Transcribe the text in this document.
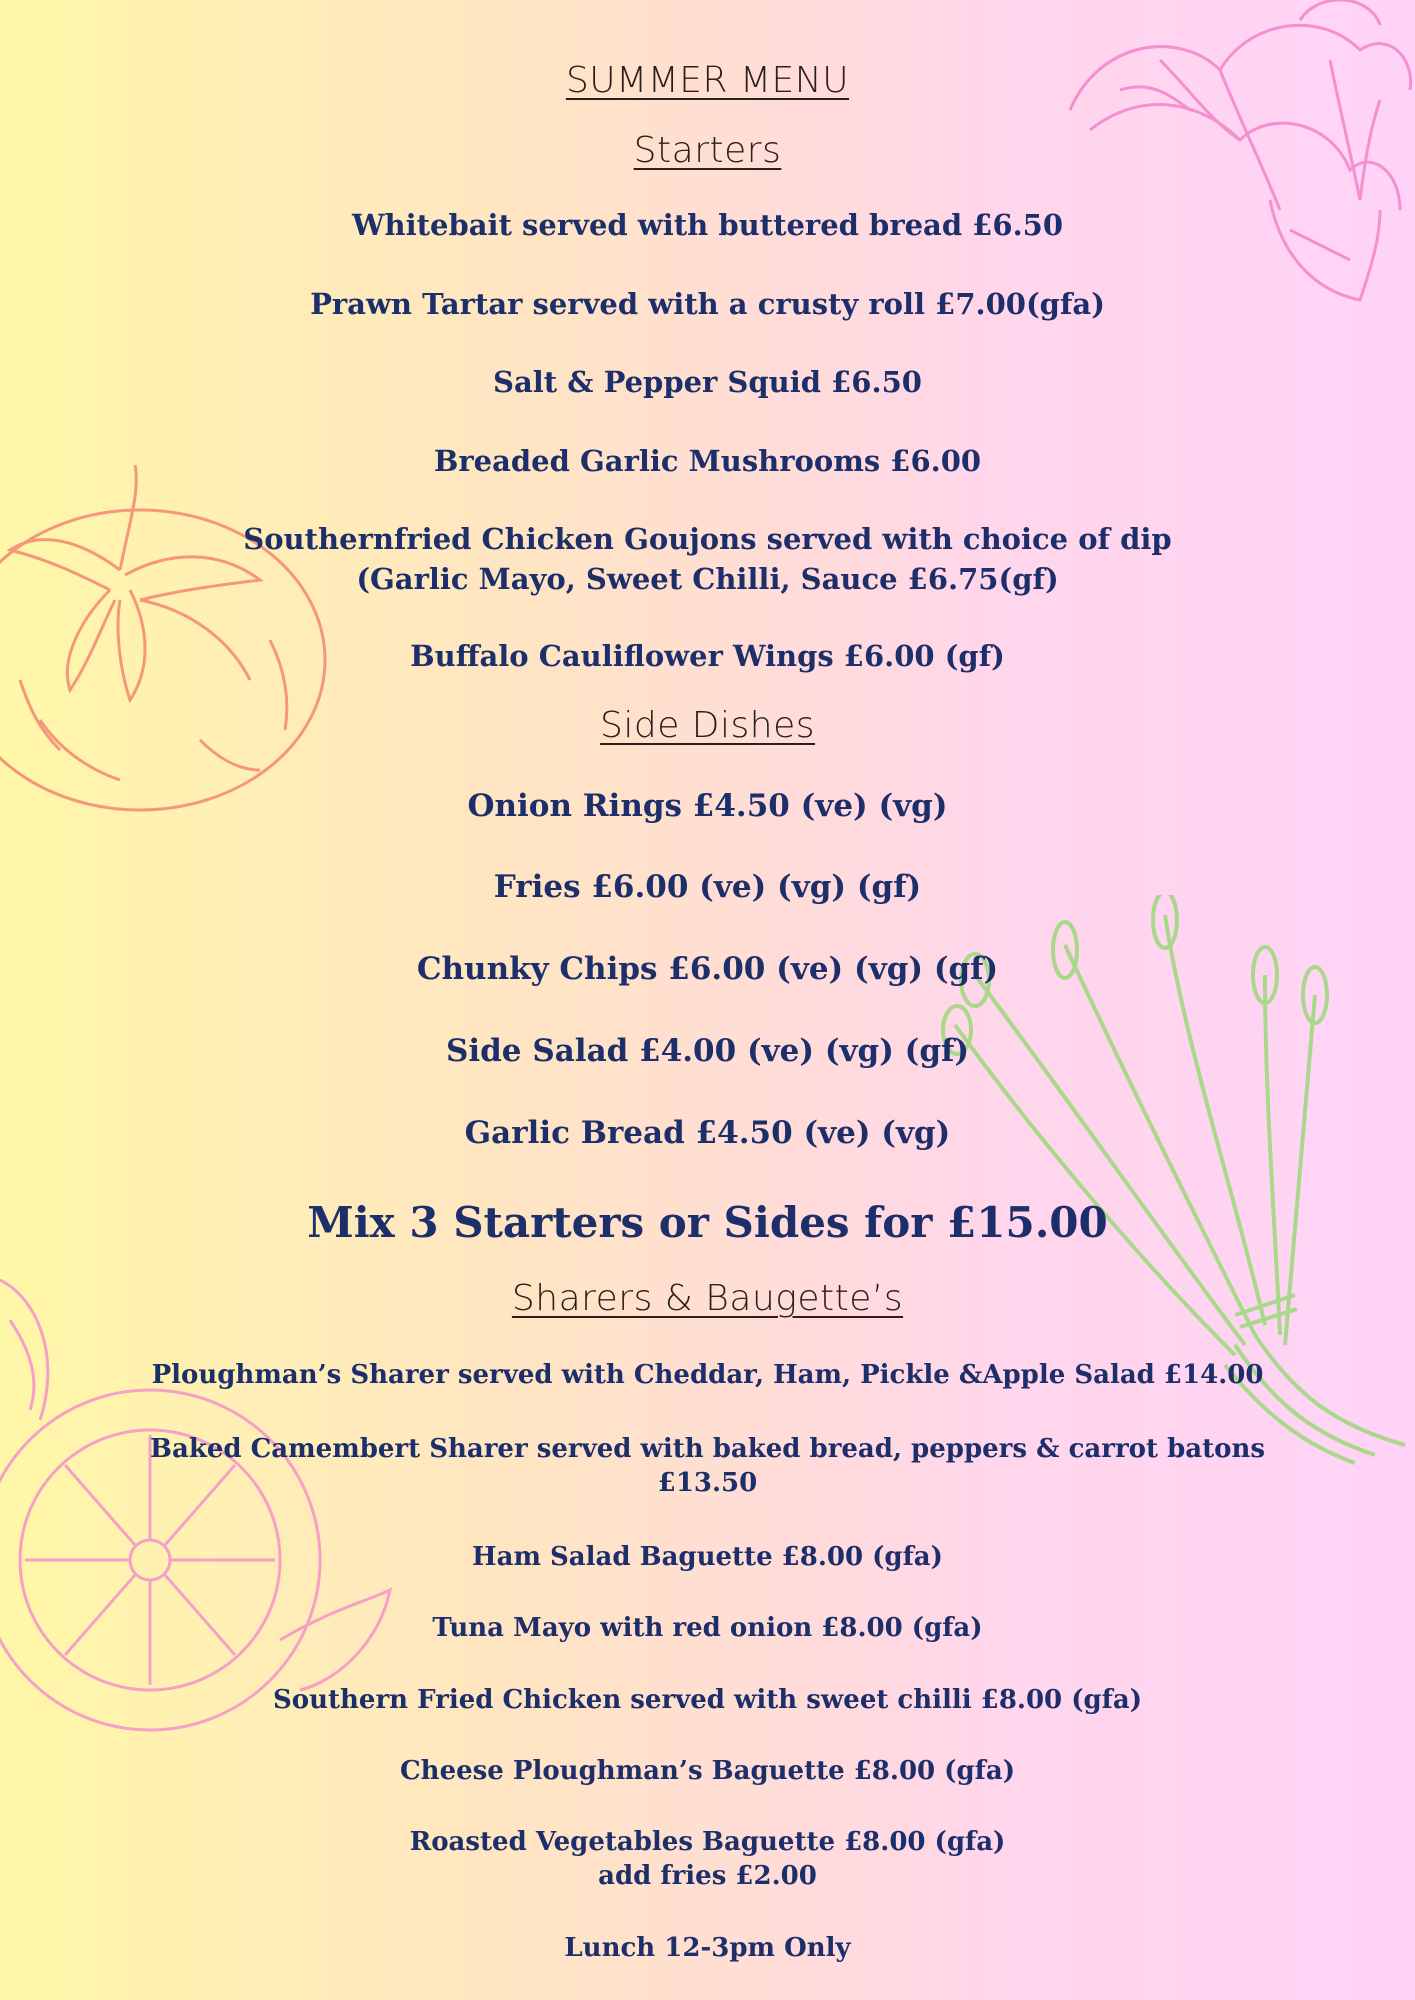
SUMMER MENU
Starters
Whitebait served with buttered bread £6.50
Prawn Tartar served with a crusty roll £7.00(gfa)
Salt & Pepper Squid £6.50
Breaded Garlic Mushrooms £6.00
Southernfried Chicken Goujons served with choice of dip
(Garlic Mayo, Sweet Chilli, Sauce £6.75(gf)
Buffalo Cauliflower Wings £6.00 (gf)
Side Dishes
Onion Rings £4.50 (ve) (vg)
Fries £6.00 (ve) (vg) (gf)
Chunky Chips £6.00 (ve) (vg) (gf)
Side Salad £4.00 (ve) (vg) (gf)
Garlic Bread £4.50 (ve) (vg)
Mix 3 Starters or Sides for £15.00
Sharers & Baugette’s
Ploughman’s Sharer served with Cheddar, Ham, Pickle &Apple Salad £14.00
Baked Camembert Sharer served with baked bread, peppers & carrot batons
£13.50
Ham Salad Baguette £8.00 (gfa)
Tuna Mayo with red onion £8.00 (gfa)
Southern Fried Chicken served with sweet chilli £8.00 (gfa)
Cheese Ploughman’s Baguette £8.00 (gfa)
Roasted Vegetables Baguette £8.00 (gfa)
add fries £2.00
Lunch 12-3pm Only
